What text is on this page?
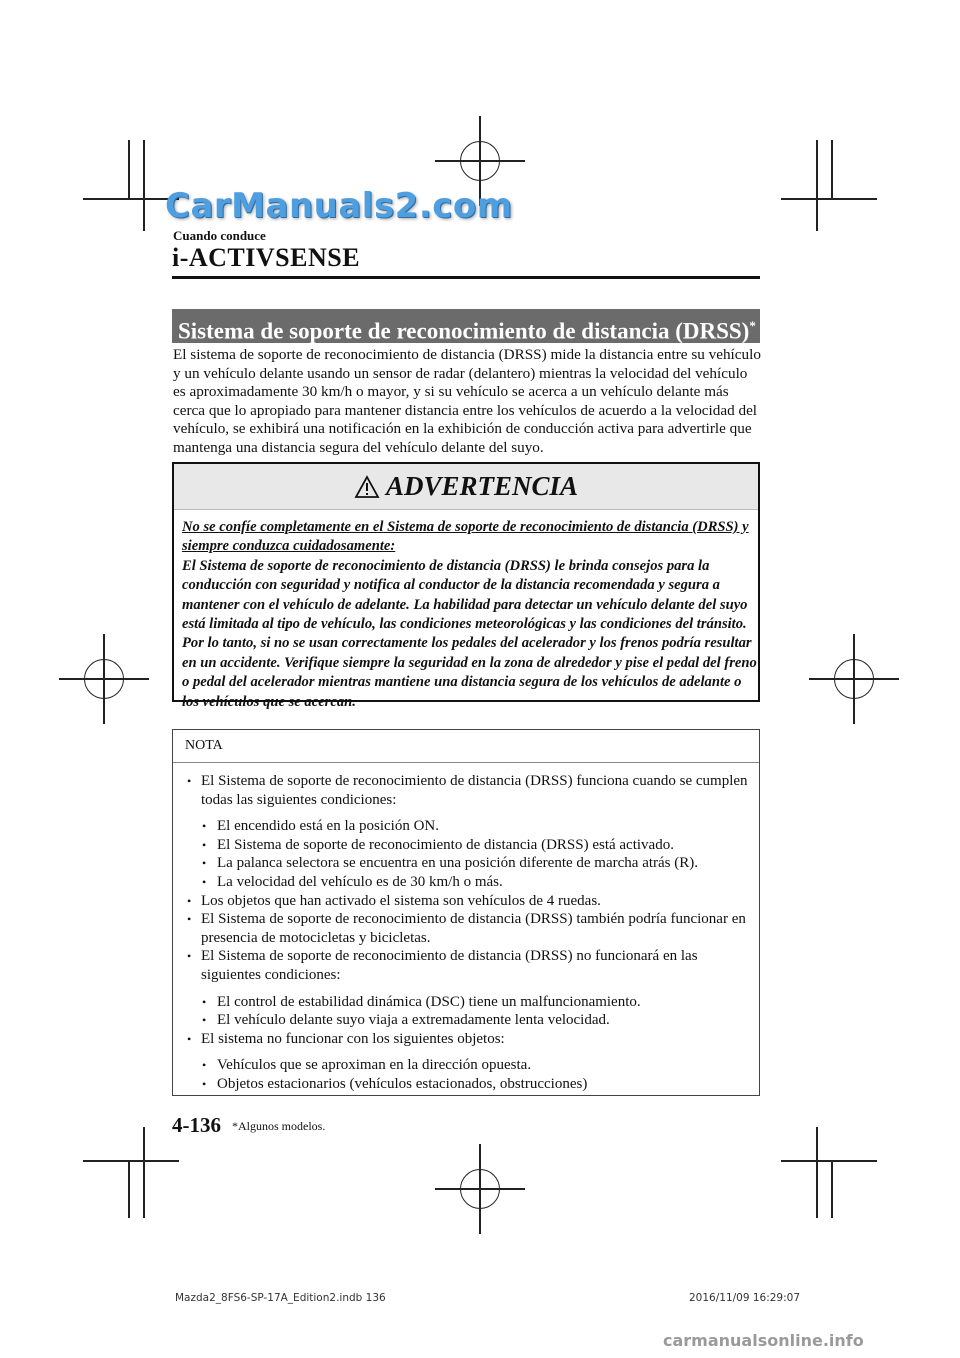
CarManuals2.com
Cuando conduce
i-ACTIVSENSE
Sistema de soporte de reconocimiento de distancia (DRSS)*
El sistema de soporte de reconocimiento de distancia (DRSS) mide la distancia entre su vehículo y un vehículo delante usando un sensor de radar (delantero) mientras la velocidad del vehículo es aproximadamente 30 km/h o mayor, y si su vehículo se acerca a un vehículo delante más cerca que lo apropiado para mantener distancia entre los vehículos de acuerdo a la velocidad del vehículo, se exhibirá una notificación en la exhibición de conducción activa para advertirle que mantenga una distancia segura del vehículo delante del suyo.
ADVERTENCIA
No se confíe completamente en el Sistema de soporte de reconocimiento de distancia (DRSS) y siempre conduzca cuidadosamente:
El Sistema de soporte de reconocimiento de distancia (DRSS) le brinda consejos para la conducción con seguridad y notifica al conductor de la distancia recomendada y segura a mantener con el vehículo de adelante. La habilidad para detectar un vehículo delante del suyo está limitada al tipo de vehículo, las condiciones meteorológicas y las condiciones del tránsito. Por lo tanto, si no se usan correctamente los pedales del acelerador y los frenos podría resultar en un accidente. Verifique siempre la seguridad en la zona de alrededor y pise el pedal del freno o pedal del acelerador mientras mantiene una distancia segura de los vehículos de adelante o los vehículos que se acercan.
NOTA
• El Sistema de soporte de reconocimiento de distancia (DRSS) funciona cuando se cumplen todas las siguientes condiciones:
• El encendido está en la posición ON.
• El Sistema de soporte de reconocimiento de distancia (DRSS) está activado.
• La palanca selectora se encuentra en una posición diferente de marcha atrás (R).
• La velocidad del vehículo es de 30 km/h o más.
• Los objetos que han activado el sistema son vehículos de 4 ruedas.
• El Sistema de soporte de reconocimiento de distancia (DRSS) también podría funcionar en presencia de motocicletas y bicicletas.
• El Sistema de soporte de reconocimiento de distancia (DRSS) no funcionará en las siguientes condiciones:
• El control de estabilidad dinámica (DSC) tiene un malfuncionamiento.
• El vehículo delante suyo viaja a extremadamente lenta velocidad.
• El sistema no funcionar con los siguientes objetos:
• Vehículos que se aproximan en la dirección opuesta.
• Objetos estacionarios (vehículos estacionados, obstrucciones)
4-136 *Algunos modelos.
Mazda2_8FS6-SP-17A_Edition2.indb 136	2016/11/09 16:29:07
carmanualsonline.info
